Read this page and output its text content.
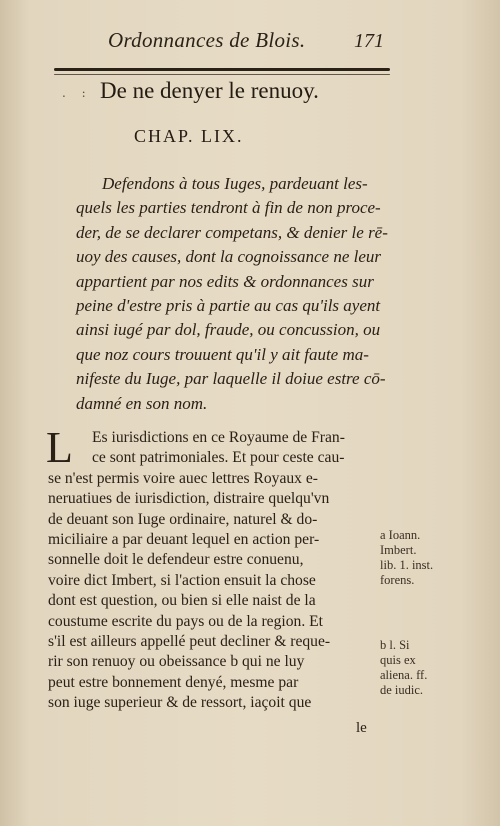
Ordonnances de Blois.	171
. : De ne denyer le renuoy.
CHAP. LIX.
Defendons à tous Iuges, pardeuant les-
quels les parties tendront à fin de non proce-
der, de se declarer competans, & denier le rē-
uoy des causes, dont la cognoissance ne leur
appartient par nos edits & ordonnances sur
peine d'estre pris à partie au cas qu'ils ayent
ainsi iugé par dol, fraude, ou concussion, ou
que noz cours trouuent qu'il y ait faute ma-
nifeste du Iuge, par laquelle il doiue estre cō-
damné en son nom.
L	Es iurisdictions en ce Royaume de Fran-
ce sont patrimoniales. Et pour ceste cau-
se n'est permis voire auec lettres Royaux e-
neruatiues de iurisdiction, distraire quelqu'vn
de deuant son Iuge ordinaire, naturel & do-
miciliaire a par deuant lequel en action per-
sonnelle doit le defendeur estre conuenu,
voire dict Imbert, si l'action ensuit la chose
dont est question, ou bien si elle naist de la
coustume escrite du pays ou de la region. Et
s'il est ailleurs appellé peut decliner & reque-
rir son renuoy ou obeissance b qui ne luy
peut estre bonnement denyé, mesme par
son iuge superieur & de ressort, iaçoit que
le
a Ioann.
Imbert.
lib. 1. inst.
forens.
b l. Si
quis ex
aliena. ff.
de iudic.
